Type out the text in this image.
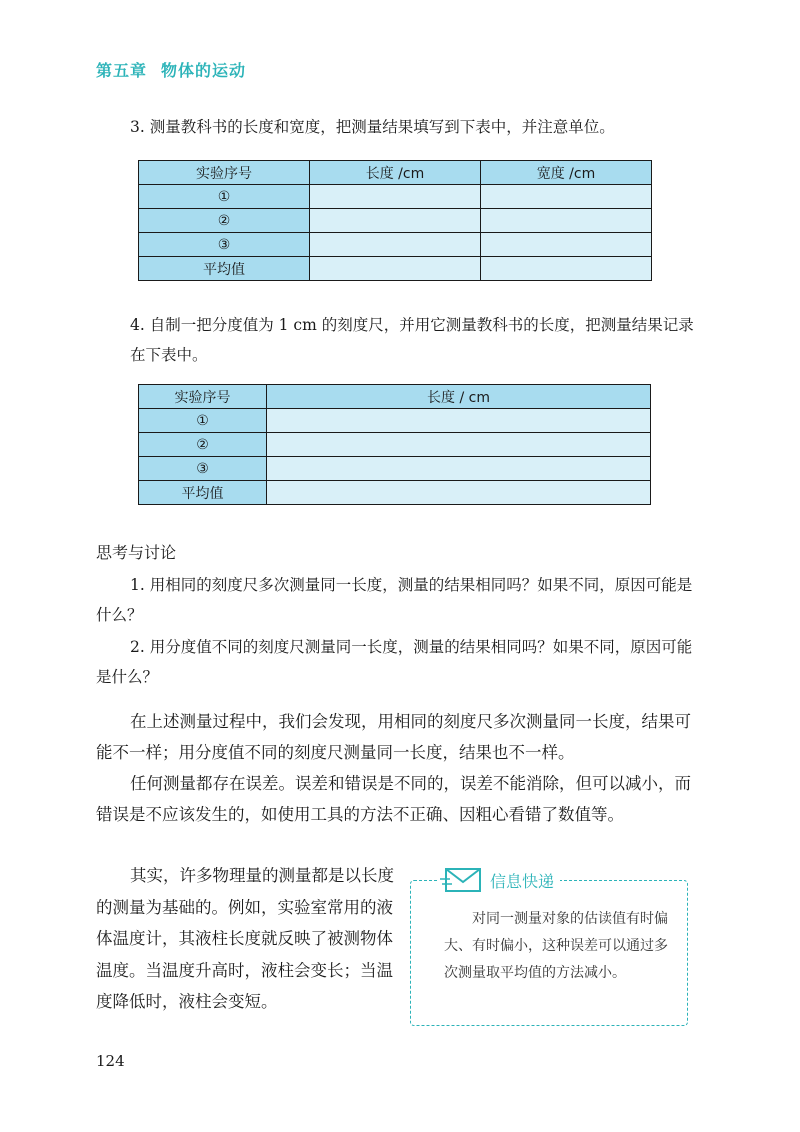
第五章 物体的运动
3. 测量教科书的长度和宽度，把测量结果填写到下表中，并注意单位。
实验序号	长度 /cm	宽度 /cm
①		
②		
③		
平均值		
4. 自制一把分度值为 1 cm 的刻度尺，并用它测量教科书的长度，把测量结果记录在下表中。
实验序号	长度 / cm
①	
②	
③	
平均值	
思考与讨论
1. 用相同的刻度尺多次测量同一长度，测量的结果相同吗？如果不同，原因可能是什么？
2. 用分度值不同的刻度尺测量同一长度，测量的结果相同吗？如果不同，原因可能是什么？
在上述测量过程中，我们会发现，用相同的刻度尺多次测量同一长度，结果可能不一样；用分度值不同的刻度尺测量同一长度，结果也不一样。
任何测量都存在误差。误差和错误是不同的，误差不能消除，但可以减小，而错误是不应该发生的，如使用工具的方法不正确、因粗心看错了数值等。
其实，许多物理量的测量都是以长度的测量为基础的。例如，实验室常用的液体温度计，其液柱长度就反映了被测物体温度。当温度升高时，液柱会变长；当温度降低时，液柱会变短。
信息快递
对同一测量对象的估读值有时偏大、有时偏小，这种误差可以通过多次测量取平均值的方法减小。
124
